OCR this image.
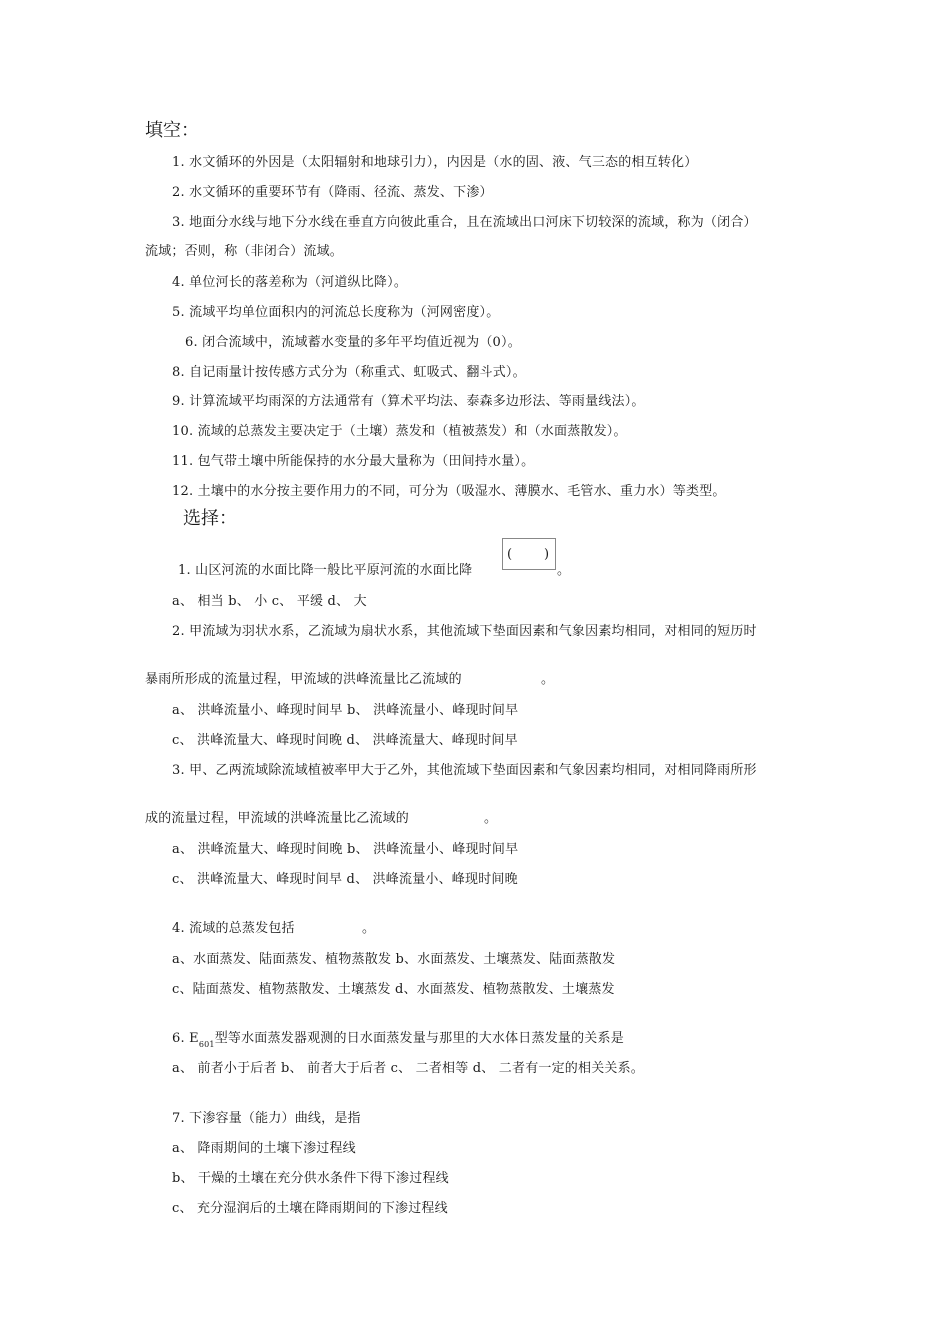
填空：
1. 水文循环的外因是（太阳辐射和地球引力），内因是（水的固、液、气三态的相互转化）
2. 水文循环的重要环节有（降雨、径流、蒸发、下渗）
3. 地面分水线与地下分水线在垂直方向彼此重合，且在流域出口河床下切较深的流域，称为（闭合）
流域；否则，称（非闭合）流域。
4. 单位河长的落差称为（河道纵比降）。
5. 流域平均单位面积内的河流总长度称为（河网密度）。
6. 闭合流域中，流域蓄水变量的多年平均值近视为（0）。
8. 自记雨量计按传感方式分为（称重式、虹吸式、翻斗式）。
9. 计算流域平均雨深的方法通常有（算术平均法、泰森多边形法、等雨量线法）。
10. 流域的总蒸发主要决定于（土壤）蒸发和（植被蒸发）和（水面蒸散发）。
11. 包气带土壤中所能保持的水分最大量称为（田间持水量）。
12. 土壤中的水分按主要作用力的不同，可分为（吸湿水、薄膜水、毛管水、重力水）等类型。
选择：
1. 山区河流的水面比降一般比平原河流的水面比降
( )
。
a、 相当 b、 小 c、 平缓 d、 大
2. 甲流域为羽状水系，乙流域为扇状水系，其他流域下垫面因素和气象因素均相同，对相同的短历时
暴雨所形成的流量过程，甲流域的洪峰流量比乙流域的	。
a、 洪峰流量小、峰现时间早 b、 洪峰流量小、峰现时间早
c、 洪峰流量大、峰现时间晚 d、 洪峰流量大、峰现时间早
3. 甲、乙两流域除流域植被率甲大于乙外，其他流域下垫面因素和气象因素均相同，对相同降雨所形
成的流量过程，甲流域的洪峰流量比乙流域的	。
a、 洪峰流量大、峰现时间晚 b、 洪峰流量小、峰现时间早
c、 洪峰流量大、峰现时间早 d、 洪峰流量小、峰现时间晚
4. 流域的总蒸发包括	。
a、水面蒸发、陆面蒸发、植物蒸散发 b、水面蒸发、土壤蒸发、陆面蒸散发
c、陆面蒸发、植物蒸散发、土壤蒸发 d、水面蒸发、植物蒸散发、土壤蒸发
6. $E_{601}$型等水面蒸发器观测的日水面蒸发量与那里的大水体日蒸发量的关系是
a、 前者小于后者 b、 前者大于后者 c、 二者相等 d、 二者有一定的相关关系。
7. 下渗容量（能力）曲线，是指
a、 降雨期间的土壤下渗过程线
b、 干燥的土壤在充分供水条件下得下渗过程线
c、 充分湿润后的土壤在降雨期间的下渗过程线
